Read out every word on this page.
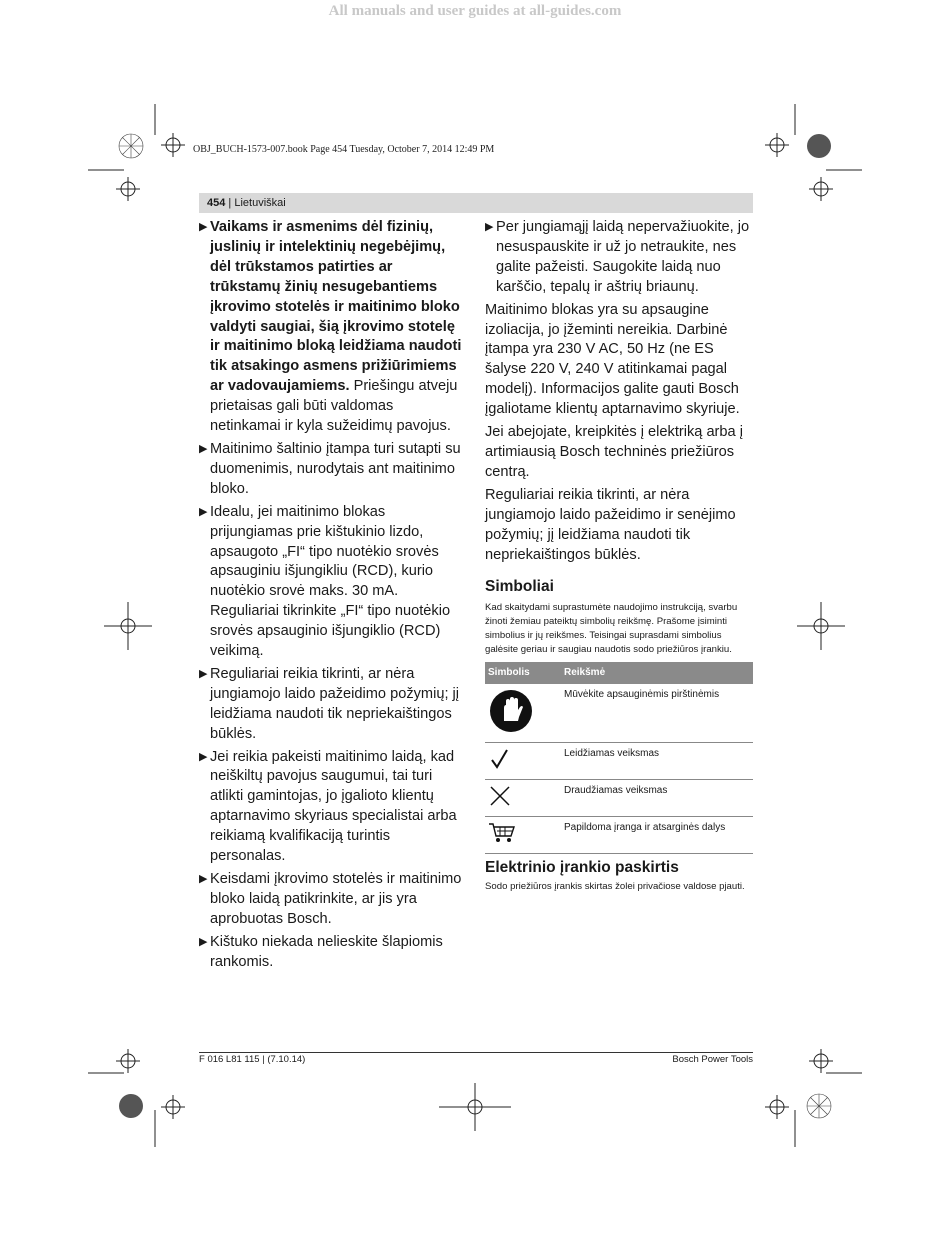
All manuals and user guides at all-guides.com
OBJ_BUCH-1573-007.book Page 454 Tuesday, October 7, 2014 12:49 PM
454 | Lietuviškai
▶ Vaikams ir asmenims dėl fizinių, juslinių ir intelektinių negebėjimų, dėl trūkstamos patirties ar trūkstamų žinių nesugebantiems įkrovimo stotelės ir maitinimo bloko valdyti saugiai, šią įkrovimo stotelę ir maitinimo bloką leidžiama naudoti tik atsakingo asmens prižiūrimiems ar vadovaujamiems. Priešingu atveju prietaisas gali būti valdomas netinkamai ir kyla sužeidimų pavojus.
▶ Maitinimo šaltinio įtampa turi sutapti su duomenimis, nurodytais ant maitinimo bloko.
▶ Idealu, jei maitinimo blokas prijungiamas prie kištukinio lizdo, apsaugoto „FI“ tipo nuotėkio srovės apsauginiu išjungikliu (RCD), kurio nuotėkio srovė maks. 30 mA. Reguliariai tikrinkite „FI“ tipo nuotėkio srovės apsauginio išjungiklio (RCD) veikimą.
▶ Reguliariai reikia tikrinti, ar nėra jungiamojo laido pažeidimo požymių; jį leidžiama naudoti tik nepriekaištingos būklės.
▶ Jei reikia pakeisti maitinimo laidą, kad neiškiltų pavojus saugumui, tai turi atlikti gamintojas, jo įgalioto klientų aptarnavimo skyriaus specialistai arba reikiamą kvalifikaciją turintis personalas.
▶ Keisdami įkrovimo stotelės ir maitinimo bloko laidą patikrinkite, ar jis yra aprobuotas Bosch.
▶ Kištuko niekada nelieskite šlapiomis rankomis.
▶ Per jungiamąjį laidą nepervažiuokite, jo nesuspauskite ir už jo netraukite, nes galite pažeisti. Saugokite laidą nuo karščio, tepalų ir aštrių briaunų.

Maitinimo blokas yra su apsaugine izoliacija, jo įžeminti nereikia. Darbinė įtampa yra 230 V AC, 50 Hz (ne ES šalyse 220 V, 240 V atitinkamai pagal modelį). Informacijos galite gauti Bosch įgaliotame klientų aptarnavimo skyriuje.

Jei abejojate, kreipkitės į elektriką arba į artimiausią Bosch techninės priežiūros centrą.

Reguliariai reikia tikrinti, ar nėra jungiamojo laido pažeidimo ir senėjimo požymių; jį leidžiama naudoti tik nepriekaištingos būklės.

Simboliai
Kad skaitydami suprastumėte naudojimo instrukciją, svarbu žinoti žemiau pateiktų simbolių reikšmę. Prašome įsiminti simbolius ir jų reikšmes. Teisingai suprasdami simbolius galėsite geriau ir saugiau naudotis sodo priežiūros įrankiu.
Simbolis	Reikšmė
	Mūvėkite apsauginėmis pirštinėmis
	Leidžiamas veiksmas
	Draudžiamas veiksmas
	Papildoma įranga ir atsarginės dalys
Elektrinio įrankio paskirtis
Sodo priežiūros įrankis skirtas žolei privačiose valdose pjauti.
F 016 L81 115 | (7.10.14)	Bosch Power Tools
